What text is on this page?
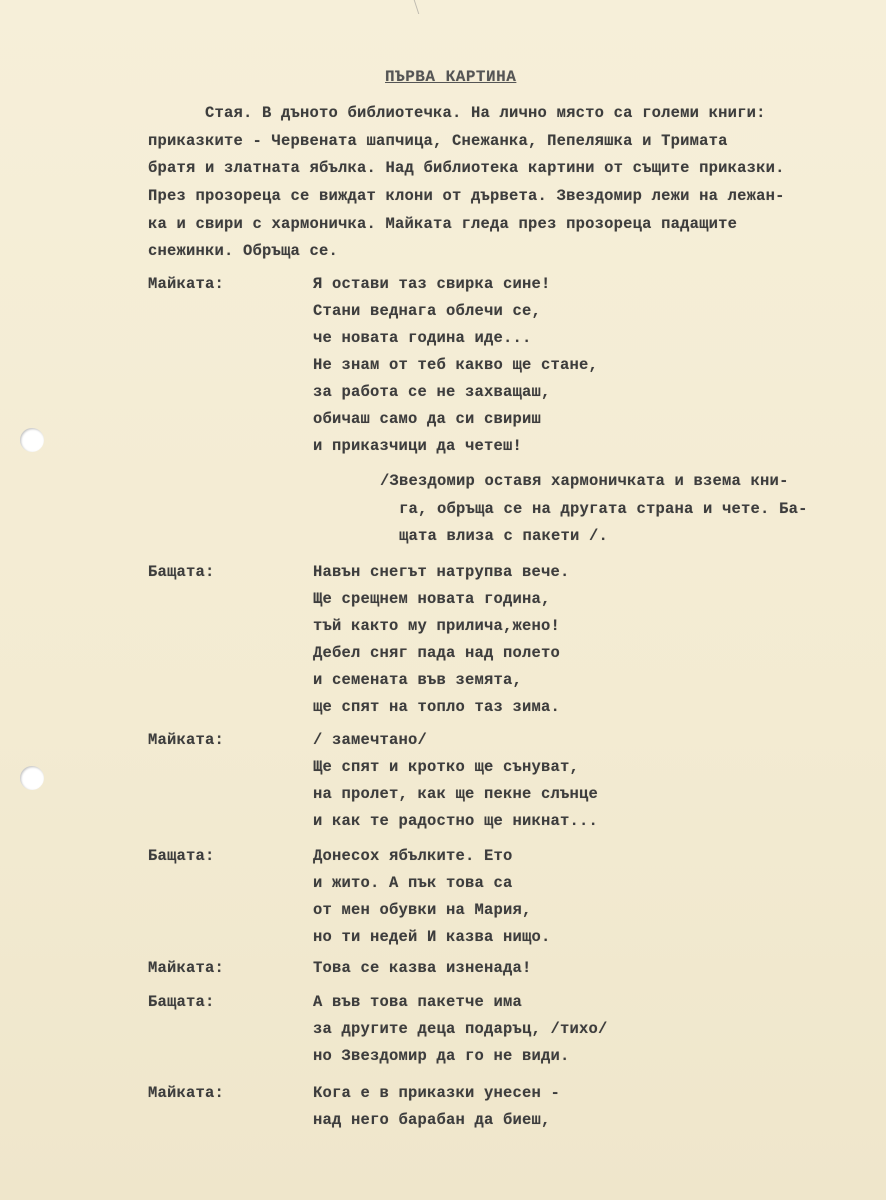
ПЪРВА КАРТИНА
Стая. В дъното библиотечка. На лично място са големи книги:
приказките - Червената шапчица, Снежанка, Пепеляшка и Тримата
братя и златната ябълка. Над библиотека картини от същите приказки.
През прозореца се виждат клони от дървета. Звездомир лежи на лежан-
ка и свири с хармоничка. Майката гледа през прозореца падащите
снежинки. Обръща се.
Майката:	Я остави таз свирка сине!
Стани веднага облечи се,
че новата година иде...
Не знам от теб какво ще стане,
за работа се не захващаш,
обичаш само да си свириш
и приказчици да четеш!
/Звездомир оставя хармоничката и взема кни-
га, обръща се на другата страна и чете. Ба-
щата влиза с пакети /.
Бащата:	Навън снегът натрупва вече.
Ще срещнем новата година,
тъй както му прилича,жено!
Дебел сняг пада над полето
и семената във земята,
ще спят на топло таз зима.
Майката:	/ замечтано/
Ще спят и кротко ще сънуват,
на пролет, как ще пекне слънце
и как те радостно ще никнат...
Бащата:	Донесох ябълките. Ето
и жито. А пък това са
от мен обувки на Мария,
но ти недей И казва нищо.
Майката:	Това се казва изненада!
Бащата:	А във това пакетче има
за другите деца подаръц, /тихо/
но Звездомир да го не види.
Майката:	Кога е в приказки унесен -
над него барабан да биеш,
